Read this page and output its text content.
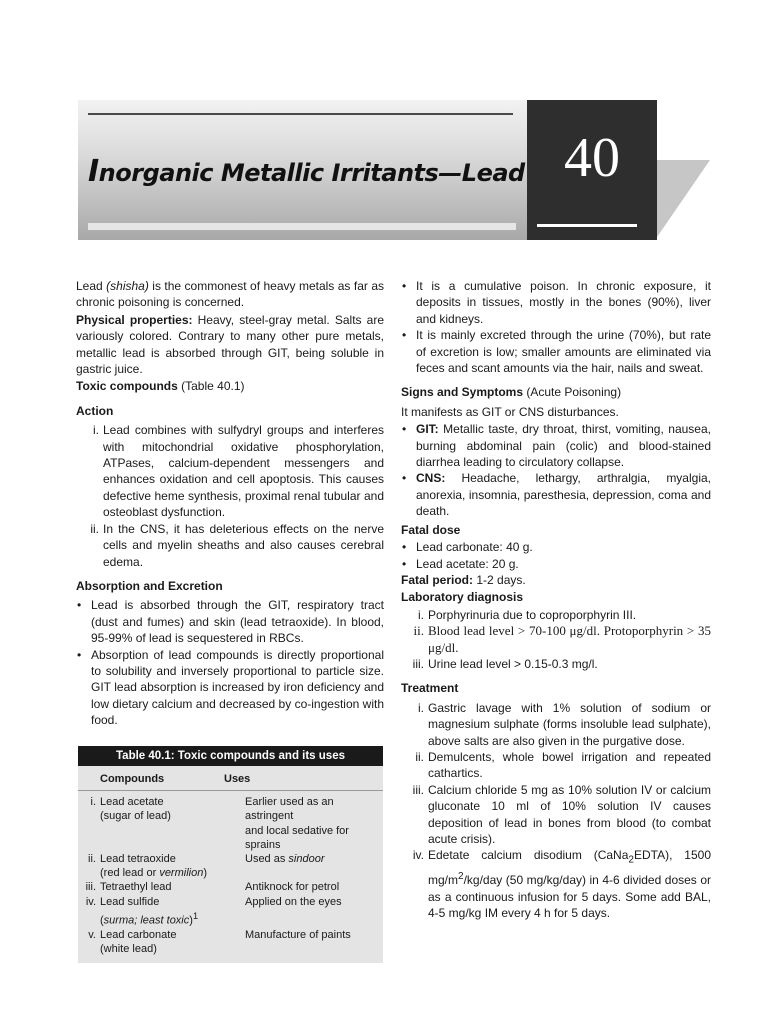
Inorganic Metallic Irritants—Lead 40

Lead (shisha) is the commonest of heavy metals as far as chronic poisoning is concerned.

Physical properties: Heavy, steel-gray metal. Salts are variously colored. Contrary to many other pure metals, metallic lead is absorbed through GIT, being soluble in gastric juice.

Toxic compounds (Table 40.1)

Action
i. Lead combines with sulfydryl groups and interferes with mitochondrial oxidative phosphorylation, ATPases, calcium-dependent messengers and enhances oxidation and cell apoptosis. This causes defective heme synthesis, proximal renal tubular and osteoblast dysfunction.
ii. In the CNS, it has deleterious effects on the nerve cells and myelin sheaths and also causes cerebral edema.
Absorption and Excretion
• Lead is absorbed through the GIT, respiratory tract (dust and fumes) and skin (lead tetraoxide). In blood, 95-99% of lead is sequestered in RBCs.
• Absorption of lead compounds is directly proportional to solubility and inversely proportional to particle size. GIT lead absorption is increased by iron deficiency and low dietary calcium and decreased by co-ingestion with food.
Table 40.1: Toxic compounds and its uses
Compounds	Uses
i. Lead acetate
(sugar of lead)
Earlier used as an astringent
and local sedative for sprains
ii. Lead tetraoxide
(red lead or vermilion)
Used as sindoor
iii. Tetraethyl lead	Antiknock for petrol
iv. Lead sulfide
(surma; least toxic)$^1$
Applied on the eyes
v. Lead carbonate
(white lead)
Manufacture of paints
• It is a cumulative poison. In chronic exposure, it deposits in tissues, mostly in the bones (90%), liver and kidneys.
• It is mainly excreted through the urine (70%), but rate of excretion is low; smaller amounts are eliminated via feces and scant amounts via the hair, nails and sweat.
Signs and Symptoms (Acute Poisoning)

It manifests as GIT or CNS disturbances.

• GIT: Metallic taste, dry throat, thirst, vomiting, nausea, burning abdominal pain (colic) and blood-stained diarrhea leading to circulatory collapse.
• CNS: Headache, lethargy, arthralgia, myalgia, anorexia, insomnia, paresthesia, depression, coma and death.

Fatal dose

• Lead carbonate: 40 g.
• Lead acetate: 20 g.

Fatal period: 1-2 days.

Laboratory diagnosis

i. Porphyrinuria due to coproporphyrin III.
ii. Blood lead level > 70-100 μg/dl. Protoporphyrin > 35 μg/dl.
iii. Urine lead level > 0.15-0.3 mg/l.
Treatment
i. Gastric lavage with 1% solution of sodium or magnesium sulphate (forms insoluble lead sulphate), above salts are also given in the purgative dose.
ii. Demulcents, whole bowel irrigation and repeated cathartics.
iii. Calcium chloride 5 mg as 10% solution IV or calcium gluconate 10 ml of 10% solution IV causes deposition of lead in bones from blood (to combat acute crisis).
iv. Edetate calcium disodium (CaNa$_2$EDTA), 1500 $mg/m^2/kg$/day (50 mg/kg/day) in 4-6 divided doses or as a continuous infusion for 5 days. Some add BAL, 4-5 mg/kg IM every 4 h for 5 days.
